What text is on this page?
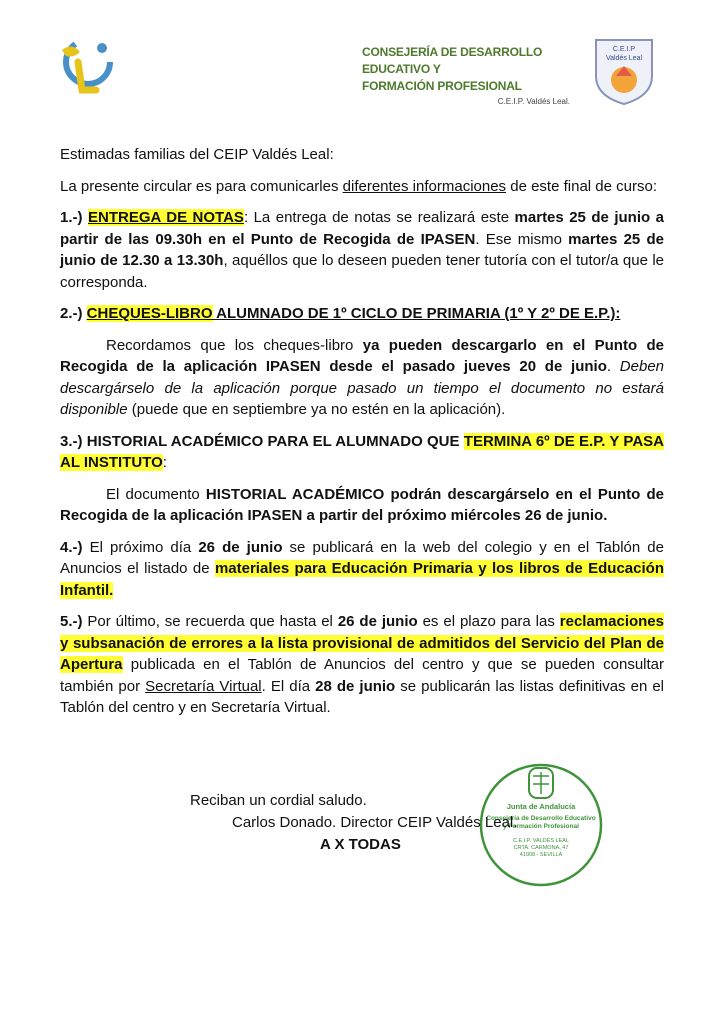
CONSEJERÍA DE DESARROLLO EDUCATIVO Y
FORMACIÓN PROFESIONAL
C.E.I.P. Valdés Leal.
C.E.I.P
Valdés Leal

Estimadas familias del CEIP Valdés Leal:

La presente circular es para comunicarles diferentes informaciones de este final de curso:

1.-) ENTREGA DE NOTAS: La entrega de notas se realizará este martes 25 de junio a partir de las 09.30h en el Punto de Recogida de IPASEN. Ese mismo martes 25 de junio de 12.30 a 13.30h, aquéllos que lo deseen pueden tener tutoría con el tutor/a que le corresponda.

2.-) CHEQUES-LIBRO ALUMNADO DE 1º CICLO DE PRIMARIA (1º Y 2º DE E.P.):

Recordamos que los cheques-libro ya pueden descargarlo en el Punto de Recogida de la aplicación IPASEN desde el pasado jueves 20 de junio. Deben descargárselo de la aplicación porque pasado un tiempo el documento no estará disponible (puede que en septiembre ya no estén en la aplicación).

3.-) HISTORIAL ACADÉMICO PARA EL ALUMNADO QUE TERMINA 6º DE E.P. Y PASA AL INSTITUTO:

El documento HISTORIAL ACADÉMICO podrán descargárselo en el Punto de Recogida de la aplicación IPASEN a partir del próximo miércoles 26 de junio.

4.-) El próximo día 26 de junio se publicará en la web del colegio y en el Tablón de Anuncios el listado de materiales para Educación Primaria y los libros de Educación Infantil.

5.-) Por último, se recuerda que hasta el 26 de junio es el plazo para las reclamaciones y subsanación de errores a la lista provisional de admitidos del Servicio del Plan de Apertura publicada en el Tablón de Anuncios del centro y que se pueden consultar también por Secretaría Virtual. El día 28 de junio se publicarán las listas definitivas en el Tablón del centro y en Secretaría Virtual.

Junta de Andalucía
Consejería de Desarrollo Educativo
y Formación Profesional
C.E.I.P. VALDÉS LEAL
CRTA. CARMONA, 47
41008 - SEVILLA
Reciban un cordial saludo.
Carlos Donado. Director CEIP Valdés Leal.
A X TODAS
